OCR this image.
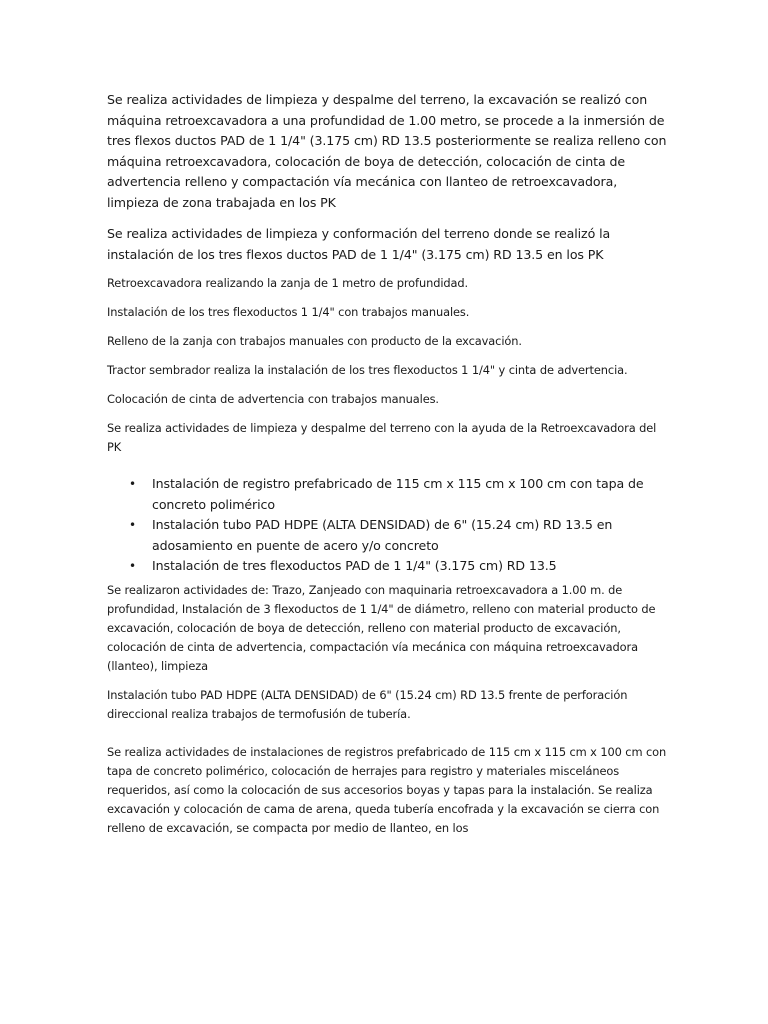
Se realiza actividades de limpieza y despalme del terreno, la excavación se realizó con máquina retroexcavadora a una profundidad de 1.00 metro, se procede a la inmersión de tres flexos ductos PAD de 1 1/4" (3.175 cm) RD 13.5 posteriormente se realiza relleno con máquina retroexcavadora, colocación de boya de detección, colocación de cinta de advertencia relleno y compactación vía mecánica con llanteo de retroexcavadora, limpieza de zona trabajada en los PK

Se realiza actividades de limpieza y conformación del terreno donde se realizó la instalación de los tres flexos ductos PAD de 1 1/4" (3.175 cm) RD 13.5 en los PK

Retroexcavadora realizando la zanja de 1 metro de profundidad.

Instalación de los tres flexoductos 1 1/4" con trabajos manuales.

Relleno de la zanja con trabajos manuales con producto de la excavación.

Tractor sembrador realiza la instalación de los tres flexoductos 1 1/4" y cinta de advertencia.

Colocación de cinta de advertencia con trabajos manuales.

Se realiza actividades de limpieza y despalme del terreno con la ayuda de la Retroexcavadora del PK

• Instalación de registro prefabricado de 115 cm x 115 cm x 100 cm con tapa de concreto polimérico
• Instalación tubo PAD HDPE (ALTA DENSIDAD) de 6" (15.24 cm) RD 13.5 en adosamiento en puente de acero y/o concreto
• Instalación de tres flexoductos PAD de 1 1/4" (3.175 cm) RD 13.5

Se realizaron actividades de: Trazo, Zanjeado con maquinaria retroexcavadora a 1.00 m. de profundidad, Instalación de 3 flexoductos de 1 1/4" de diámetro, relleno con material producto de excavación, colocación de boya de detección, relleno con material producto de excavación, colocación de cinta de advertencia, compactación vía mecánica con máquina retroexcavadora (llanteo), limpieza

Instalación tubo PAD HDPE (ALTA DENSIDAD) de 6" (15.24 cm) RD 13.5 frente de perforación direccional realiza trabajos de termofusión de tubería.

Se realiza actividades de instalaciones de registros prefabricado de 115 cm x 115 cm x 100 cm con tapa de concreto polimérico, colocación de herrajes para registro y materiales misceláneos requeridos, así como la colocación de sus accesorios boyas y tapas para la instalación. Se realiza excavación y colocación de cama de arena, queda tubería encofrada y la excavación se cierra con relleno de excavación, se compacta por medio de llanteo, en los
